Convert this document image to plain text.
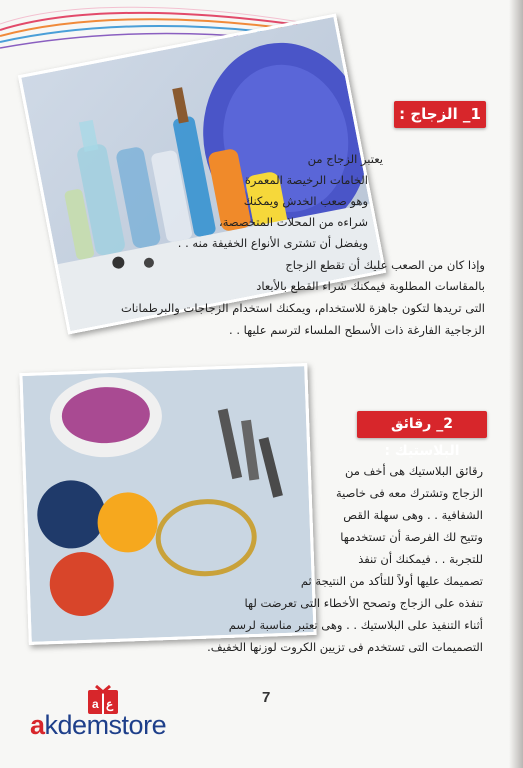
1_ الزجاج :
يعتبر الزجاج من
الخامات الرخيصة المعمرة
وهو صعب الخدش ويمكنك
شراءه من المحلات المتخصصة،
ويفضل أن تشترى الأنواع الخفيفة منه . .
وإذا كان من الصعب عليك أن تقطع الزجاج
بالمقاسات المطلوبة فيمكنك شراء القطع بالأبعاد
التى تريدها لتكون جاهزة للاستخدام، ويمكنك استخدام الزجاجات والبرطمانات
الزجاجية الفارغة ذات الأسطح الملساء لترسم عليها . .
2_ رقائق البلاستيك :
رقائق البلاستيك هى أخف من
الزجاج وتشترك معه فى خاصية
الشفافية . . وهى سهلة القص
وتتيح لك الفرصة أن تستخدمها
للتجربة . . فيمكنك أن تنفذ
تصميمك عليها أولاً للتأكد من النتيجة ثم
تنفذه على الزجاج وتصحح الأخطاء التى تعرضت لها
أثناء التنفيذ على البلاستيك . . وهى تعتبر مناسبة لرسم
التصميمات التى تستخدم فى تزيين الكروت لوزنها الخفيف.
7
a ع
akdemstore
